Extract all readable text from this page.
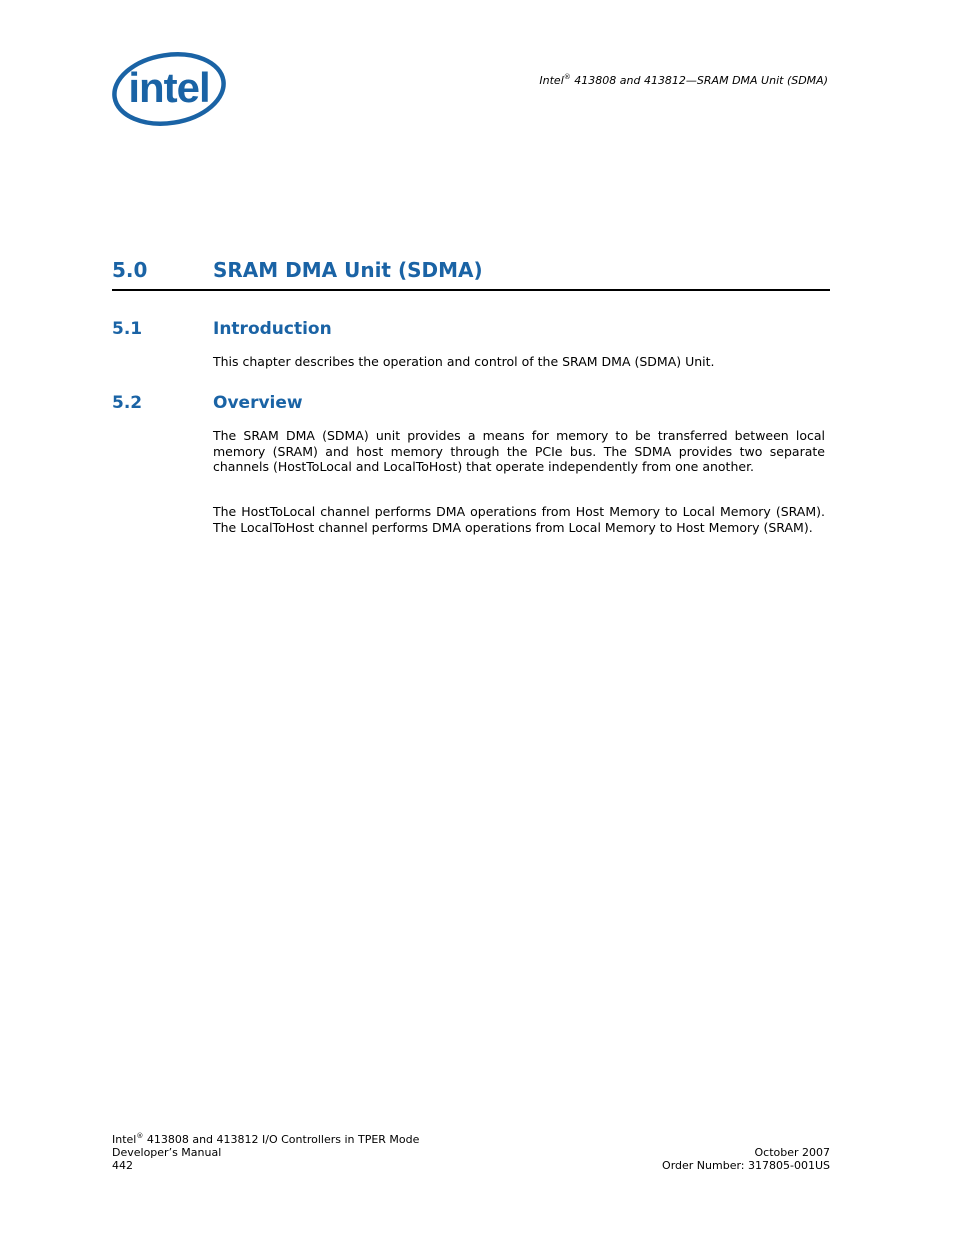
intel	Intel® 413808 and 413812—SRAM DMA Unit (SDMA)
5.0	SRAM DMA Unit (SDMA)
5.1	Introduction

This chapter describes the operation and control of the SRAM DMA (SDMA) Unit.

5.2	Overview

The SRAM DMA (SDMA) unit provides a means for memory to be transferred between local memory (SRAM) and host memory through the PCIe bus. The SDMA provides two separate channels (HostToLocal and LocalToHost) that operate independently from one another.

The HostToLocal channel performs DMA operations from Host Memory to Local Memory (SRAM). The LocalToHost channel performs DMA operations from Local Memory to Host Memory (SRAM).

Intel® 413808 and 413812 I/O Controllers in TPER Mode
Developer’s Manual
442
October 2007
Order Number: 317805-001US
